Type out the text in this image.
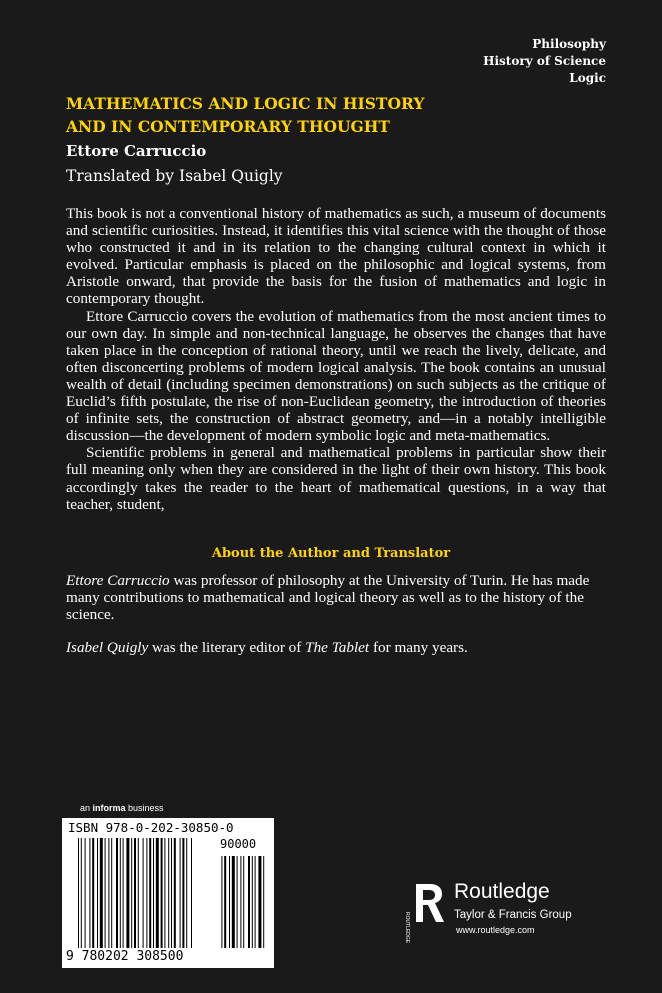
Philosophy
History of Science
Logic
MATHEMATICS AND LOGIC IN HISTORY
AND IN CONTEMPORARY THOUGHT
Ettore Carruccio
Translated by Isabel Quigly

This book is not a conventional history of mathematics as such, a museum of documents and scientific curiosities. Instead, it identifies this vital science with the thought of those who constructed it and in its relation to the changing cultural context in which it evolved. Particular emphasis is placed on the philosophic and logical systems, from Aristotle onward, that provide the basis for the fusion of mathematics and logic in contemporary thought.

Ettore Carruccio covers the evolution of mathematics from the most ancient times to our own day. In simple and non-technical language, he observes the changes that have taken place in the conception of rational theory, until we reach the lively, delicate, and often disconcerting problems of modern logical analysis. The book contains an unusual wealth of detail (including specimen demonstrations) on such subjects as the critique of Euclid’s fifth postulate, the rise of non-Euclidean geometry, the introduction of theories of infinite sets, the construction of abstract geometry, and—in a notably intelligible discussion—the development of modern symbolic logic and meta-mathematics.

Scientific problems in general and mathematical problems in particular show their full meaning only when they are considered in the light of their own history. This book accordingly takes the reader to the heart of mathematical questions, in a way that teacher, student,

About the Author and Translator

Ettore Carruccio was professor of philosophy at the University of Turin. He has made many contributions to mathematical and logical theory as well as to the history of the science.

Isabel Quigly was the literary editor of The Tablet for many years.

an informa business
ISBN 978-0-202-30850-0
90000
9 780202 308500
ROUTLEDGE
Routledge
Taylor & Francis Group
www.routledge.com
